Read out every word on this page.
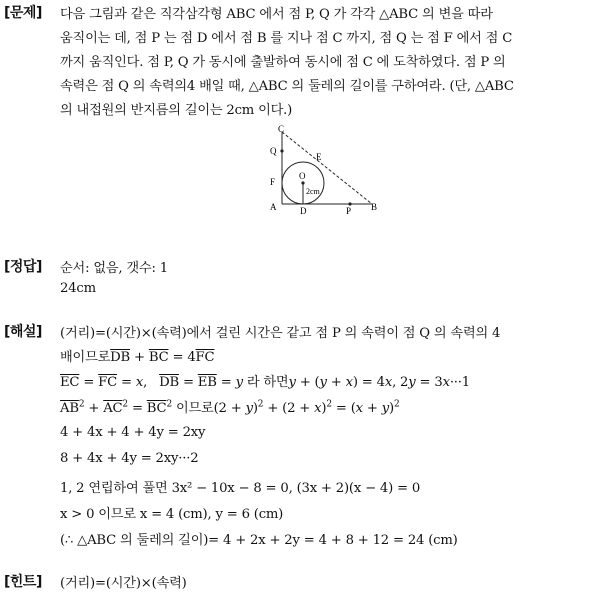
[문제] 다음 그림과 같은 직각삼각형 ABC 에서 점 P, Q 가 각각 △ABC 의 변을 따라
움직이는 데, 점 P 는 점 D 에서 점 B 를 지나 점 C 까지, 점 Q 는 점 F 에서 점 C
까지 움직인다. 점 P, Q 가 동시에 출발하여 동시에 점 C 에 도착하였다. 점 P 의
속력은 점 Q 의 속력의4 배일 때, △ABC 의 둘레의 길이를 구하여라. (단, △ABC
의 내접원의 반지름의 길이는 2cm 이다.)
C
Q
E
F
O
A	D	P B
2cm
[정답] 순서: 없음, 갯수: 1
24cm
[해설] (거리)=(시간)×(속력)에서 걸린 시간은 같고 점 P 의 속력이 점 Q 의 속력의 4
배이므로$\overline{DB} + \overline{BC} = 4\overline{FC}$
$\overline{EC} = \overline{FC} = x$,   $\overline{DB} = \overline{EB} = y$ 라 하면y + (y + x) = 4x, 2y = 3x···1
$\overline{AB}^2 + \overline{AC}^2 = \overline{BC}^2$ 이므로$(2 + y)^2 + (2 + x)^2 = (x + y)^2$
4 + 4x + 4 + 4y = 2xy
8 + 4x + 4y = 2xy···2
1, 2 연립하여 풀면 3x² − 10x − 8 = 0, (3x + 2)(x − 4) = 0
x > 0 이므로 x = 4 (cm), y = 6 (cm)
(∴ △ABC 의 둘레의 길이)= 4 + 2x + 2y = 4 + 8 + 12 = 24 (cm)
[힌트] (거리)=(시간)×(속력)
